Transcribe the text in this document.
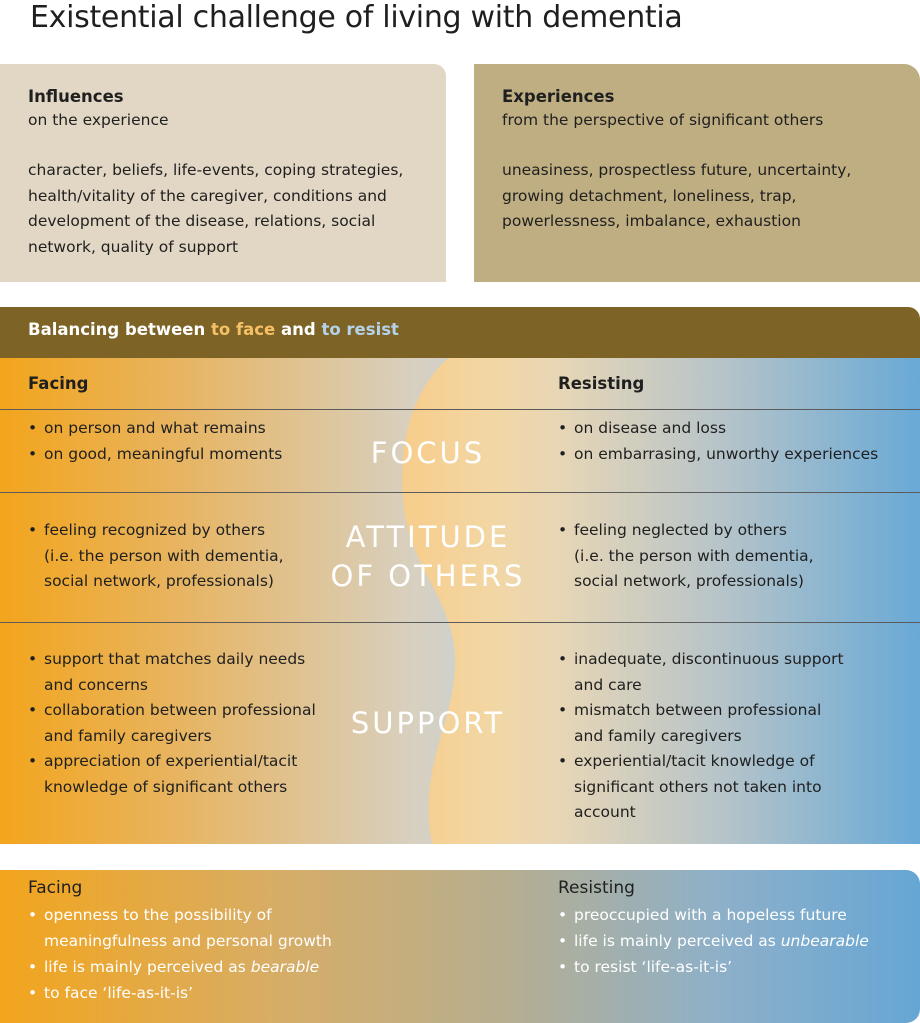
Existential challenge of living with dementia
Influences
on the experience
character, beliefs, life-events, coping strategies,
health/vitality of the caregiver, conditions and
development of the disease, relations, social
network, quality of support
Experiences
from the perspective of significant others
uneasiness, prospectless future, uncertainty,
growing detachment, loneliness, trap,
powerlessness, imbalance, exhaustion
Balancing between to face and to resist
Facing	Resisting
• on person and what remains
• on good, meaningful moments	FOCUS
• on disease and loss
• on embarrasing, unworthy experiences
• feeling recognized by others
(i.e. the person with dementia,
social network, professionals)
ATTITUDE
OF OTHERS
• feeling neglected by others
(i.e. the person with dementia,
social network, professionals)
• support that matches daily needs
and concerns
• collaboration between professional
and family caregivers
• appreciation of experiential/tacit
knowledge of significant others
SUPPORT
• inadequate, discontinuous support
and care
• mismatch between professional
and family caregivers
• experiential/tacit knowledge of
significant others not taken into
account
Facing
• openness to the possibility of
meaningfulness and personal growth
• life is mainly perceived as bearable
• to face ‘life-as-it-is’
Resisting
• preoccupied with a hopeless future
• life is mainly perceived as unbearable
• to resist ‘life-as-it-is’
